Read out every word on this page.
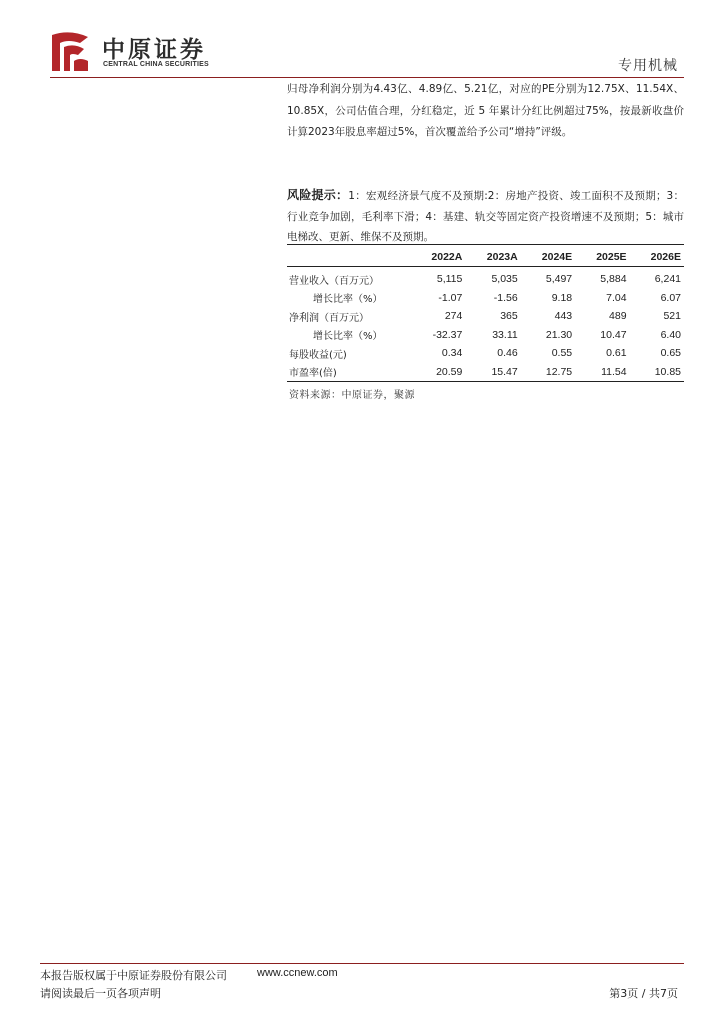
中原证券
CENTRAL CHINA SECURITIES	专用机械
归母净利润分别为4.43亿、4.89亿、5.21亿，对应的PE分别为12.75X、11.54X、10.85X，公司估值合理，分红稳定，近 5 年累计分红比例超过75%，按最新收盘价计算2023年股息率超过5%，首次覆盖给予公司“增持”评级。
风险提示：1：宏观经济景气度不及预期:2：房地产投资、竣工面积不及预期；3：行业竞争加剧，毛利率下滑；4：基建、轨交等固定资产投资增速不及预期；5：城市电梯改、更新、维保不及预期。
	2022A	2023A	2024E	2025E	2026E
营业收入（百万元）	5,115	5,035	5,497	5,884	6,241
增长比率（%）	-1.07	-1.56	9.18	7.04	6.07
净利润（百万元）	274	365	443	489	521
增长比率（%）	-32.37	33.11	21.30	10.47	6.40
每股收益(元)	0.34	0.46	0.55	0.61	0.65
市盈率(倍)	20.59	15.47	12.75	11.54	10.85
资料来源：中原证券，聚源
本报告版权属于中原证券股份有限公司	www.ccnew.com
请阅读最后一页各项声明	第3页 / 共7页
